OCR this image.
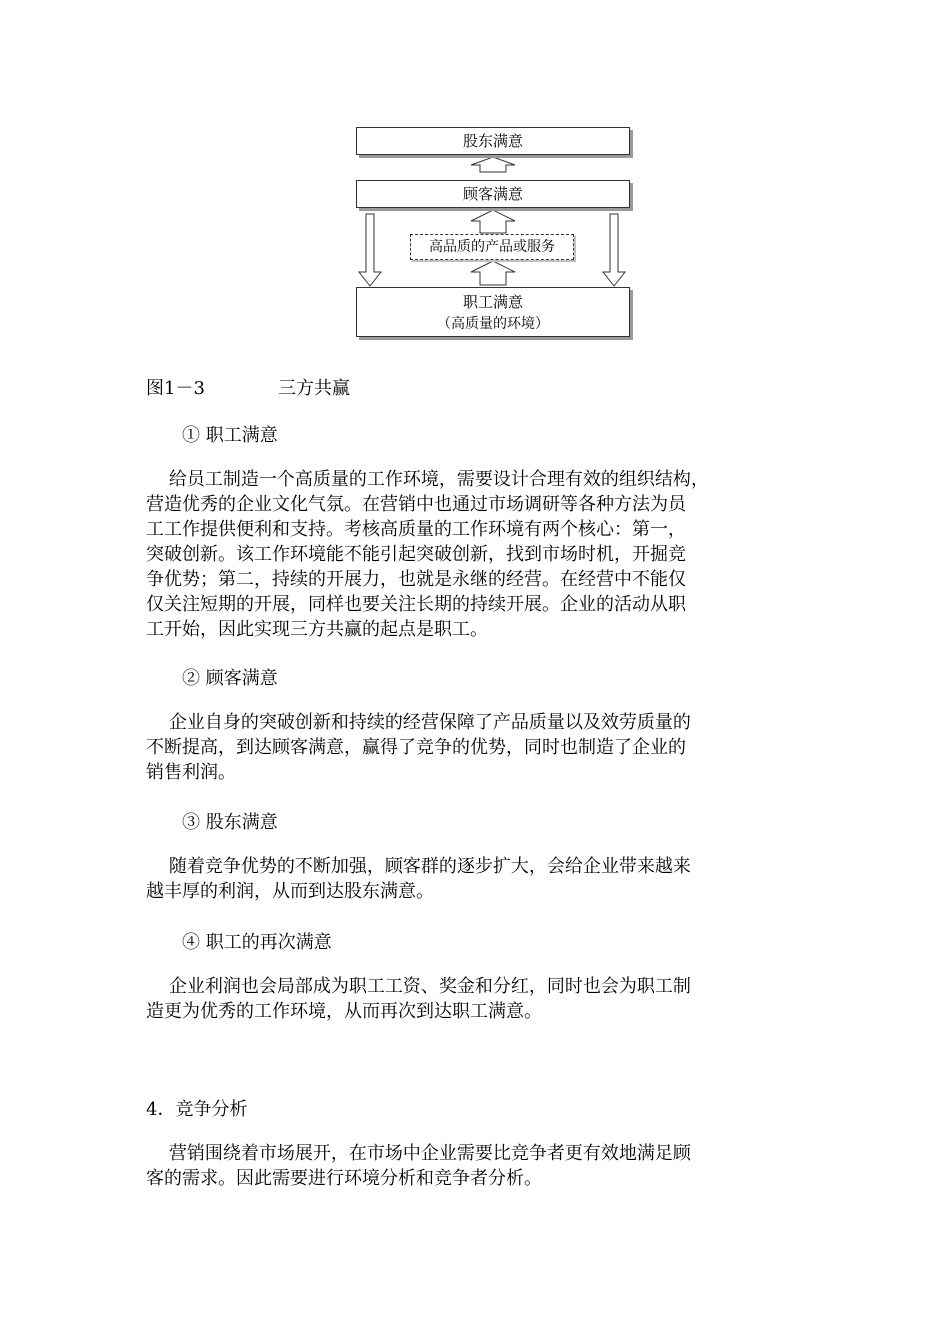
股东满意
顾客满意
高品质的产品或服务
职工满意
（高质量的环境）
图1－3	三方共赢
① 职工满意

给员工制造一个高质量的工作环境，需要设计合理有效的组织结构，
营造优秀的企业文化气氛。在营销中也通过市场调研等各种方法为员
工工作提供便利和支持。考核高质量的工作环境有两个核心：第一，
突破创新。该工作环境能不能引起突破创新，找到市场时机，开掘竞
争优势；第二，持续的开展力，也就是永继的经营。在经营中不能仅
仅关注短期的开展，同样也要关注长期的持续开展。企业的活动从职
工开始，因此实现三方共赢的起点是职工。

② 顾客满意

企业自身的突破创新和持续的经营保障了产品质量以及效劳质量的
不断提高，到达顾客满意，赢得了竞争的优势，同时也制造了企业的
销售利润。

③ 股东满意

随着竞争优势的不断加强，顾客群的逐步扩大，会给企业带来越来
越丰厚的利润，从而到达股东满意。

④ 职工的再次满意

企业利润也会局部成为职工工资、奖金和分红，同时也会为职工制
造更为优秀的工作环境，从而再次到达职工满意。

4．竞争分析

营销围绕着市场展开，在市场中企业需要比竞争者更有效地满足顾
客的需求。因此需要进行环境分析和竞争者分析。
